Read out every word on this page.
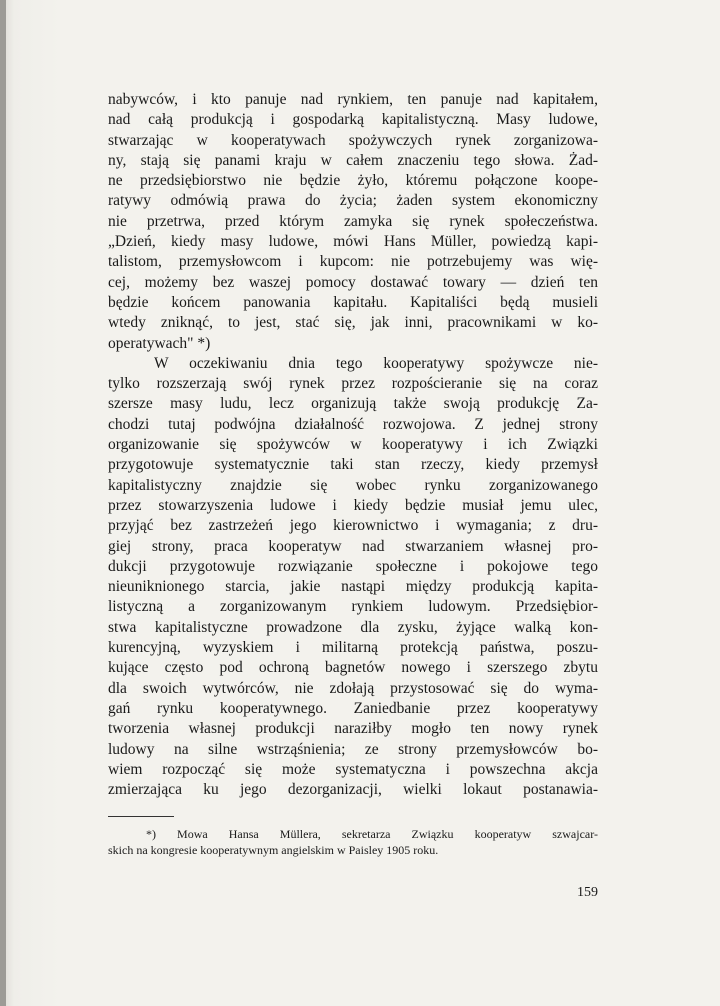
nabywców, i kto panuje nad rynkiem, ten panuje nad kapitałem,
nad całą produkcją i gospodarką kapitalistyczną. Masy ludowe,
stwarzając w kooperatywach spożywczych rynek zorganizowa-
ny, stają się panami kraju w całem znaczeniu tego słowa. Żad-
ne przedsiębiorstwo nie będzie żyło, któremu połączone koope-
ratywy odmówią prawa do życia; żaden system ekonomiczny
nie przetrwa, przed którym zamyka się rynek społeczeństwa.
„Dzień, kiedy masy ludowe, mówi Hans Müller, powiedzą kapi-
talistom, przemysłowcom i kupcom: nie potrzebujemy was wię-
cej, możemy bez waszej pomocy dostawać towary — dzień ten
będzie końcem panowania kapitału. Kapitaliści będą musieli
wtedy zniknąć, to jest, stać się, jak inni, pracownikami w ko-
operatywach" *)
W oczekiwaniu dnia tego kooperatywy spożywcze nie-
tylko rozszerzają swój rynek przez rozpościeranie się na coraz
szersze masy ludu, lecz organizują także swoją produkcję Za-
chodzi tutaj podwójna działalność rozwojowa. Z jednej strony
organizowanie się spożywców w kooperatywy i ich Związki
przygotowuje systematycznie taki stan rzeczy, kiedy przemysł
kapitalistyczny znajdzie się wobec rynku zorganizowanego
przez stowarzyszenia ludowe i kiedy będzie musiał jemu ulec,
przyjąć bez zastrzeżeń jego kierownictwo i wymagania; z dru-
giej strony, praca kooperatyw nad stwarzaniem własnej pro-
dukcji przygotowuje rozwiązanie społeczne i pokojowe tego
nieuniknionego starcia, jakie nastąpi między produkcją kapita-
listyczną a zorganizowanym rynkiem ludowym. Przedsiębior-
stwa kapitalistyczne prowadzone dla zysku, żyjące walką kon-
kurencyjną, wyzyskiem i militarną protekcją państwa, poszu-
kujące często pod ochroną bagnetów nowego i szerszego zbytu
dla swoich wytwórców, nie zdołają przystosować się do wyma-
gań rynku kooperatywnego. Zaniedbanie przez kooperatywy
tworzenia własnej produkcji naraziłby mogło ten nowy rynek
ludowy na silne wstrząśnienia; ze strony przemysłowców bo-
wiem rozpocząć się może systematyczna i powszechna akcja
zmierzająca ku jego dezorganizacji, wielki lokaut postanawia-
*) Mowa Hansa Müllera, sekretarza Związku kooperatyw szwajcar-
skich na kongresie kooperatywnym angielskim w Paisley 1905 roku.
159
